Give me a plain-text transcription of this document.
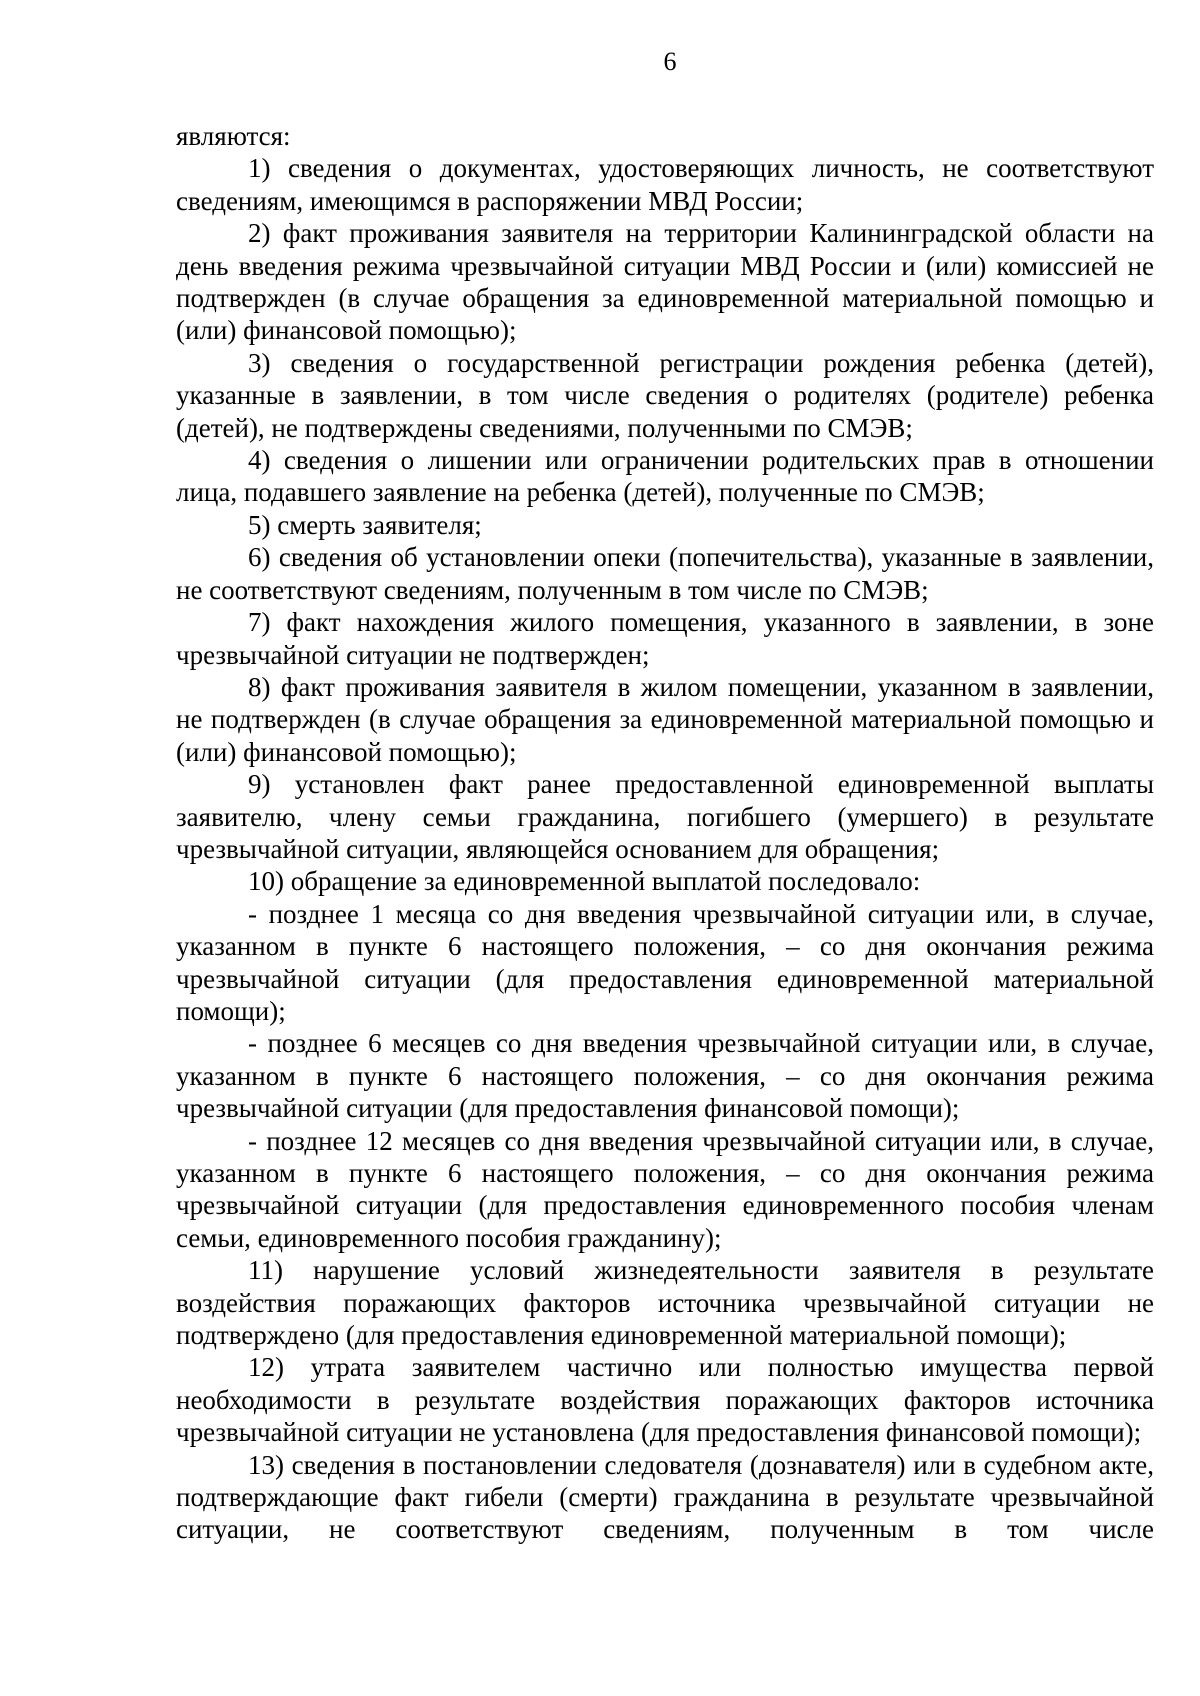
6

являются:

1) сведения о документах, удостоверяющих личность, не соответствуют сведениям, имеющимся в распоряжении МВД России;

2) факт проживания заявителя на территории Калининградской области на день введения режима чрезвычайной ситуации МВД России и (или) комиссией не подтвержден (в случае обращения за единовременной материальной помощью и (или) финансовой помощью);

3) сведения о государственной регистрации рождения ребенка (детей), указанные в заявлении, в том числе сведения о родителях (родителе) ребенка (детей), не подтверждены сведениями, полученными по СМЭВ;

4) сведения о лишении или ограничении родительских прав в отношении лица, подавшего заявление на ребенка (детей), полученные по СМЭВ;

5) смерть заявителя;

6) сведения об установлении опеки (попечительства), указанные в заявлении, не соответствуют сведениям, полученным в том числе по СМЭВ;

7) факт нахождения жилого помещения, указанного в заявлении, в зоне чрезвычайной ситуации не подтвержден;

8) факт проживания заявителя в жилом помещении, указанном в заявлении, не подтвержден (в случае обращения за единовременной материальной помощью и (или) финансовой помощью);

9) установлен факт ранее предоставленной единовременной выплаты заявителю, члену семьи гражданина, погибшего (умершего) в результате чрезвычайной ситуации, являющейся основанием для обращения;

10) обращение за единовременной выплатой последовало:

- позднее 1 месяца со дня введения чрезвычайной ситуации или, в случае, указанном в пункте 6 настоящего положения, – со дня окончания режима чрезвычайной ситуации (для предоставления единовременной материальной помощи);

- позднее 6 месяцев со дня введения чрезвычайной ситуации или, в случае, указанном в пункте 6 настоящего положения, – со дня окончания режима чрезвычайной ситуации (для предоставления финансовой помощи);

- позднее 12 месяцев со дня введения чрезвычайной ситуации или, в случае, указанном в пункте 6 настоящего положения, – со дня окончания режима чрезвычайной ситуации (для предоставления единовременного пособия членам семьи, единовременного пособия гражданину);

11) нарушение условий жизнедеятельности заявителя в результате воздействия поражающих факторов источника чрезвычайной ситуации не подтверждено (для предоставления единовременной материальной помощи);

12) утрата заявителем частично или полностью имущества первой необходимости в результате воздействия поражающих факторов источника чрезвычайной ситуации не установлена (для предоставления финансовой помощи);

13) сведения в постановлении следователя (дознавателя) или в судебном акте, подтверждающие факт гибели (смерти) гражданина в результате чрезвычайной ситуации, не соответствуют сведениям, полученным в том числе
